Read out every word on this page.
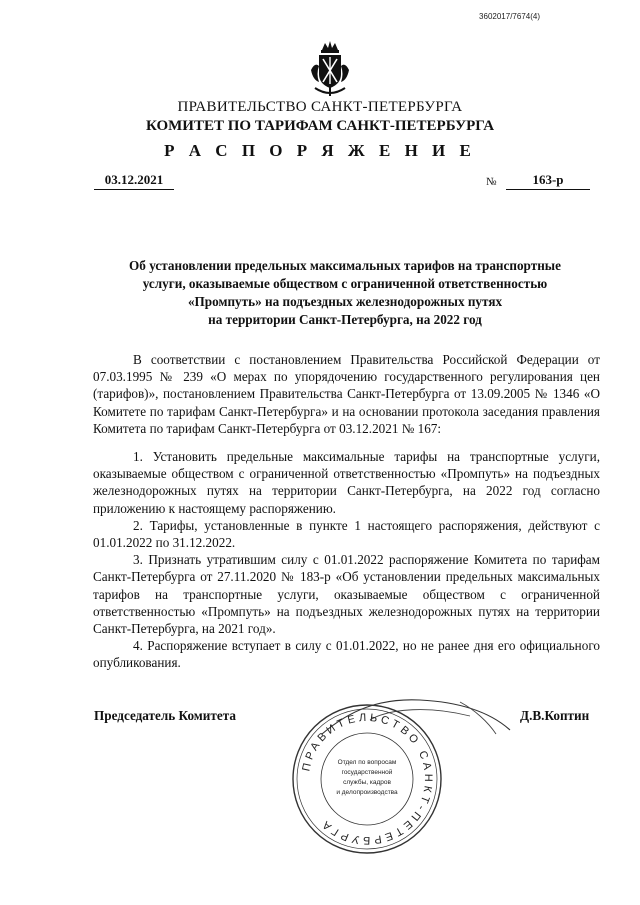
3602017/7674(4)
ПРАВИТЕЛЬСТВО САНКТ-ПЕТЕРБУРГА
КОМИТЕТ ПО ТАРИФАМ САНКТ-ПЕТЕРБУРГА
Р А С П О Р Я Ж Е Н И Е
03.12.2021	№	163-р
Об установлении предельных максимальных тарифов на транспортные
услуги, оказываемые обществом с ограниченной ответственностью
«Промпуть» на подъездных железнодорожных путях
на территории Санкт-Петербурга, на 2022 год

В соответствии с постановлением Правительства Российской Федерации от 07.03.1995 № 239 «О мерах по упорядочению государственного регулирования цен (тарифов)», постановлением Правительства Санкт-Петербурга от 13.09.2005 № 1346 «О Комитете по тарифам Санкт-Петербурга» и на основании протокола заседания правления Комитета по тарифам Санкт-Петербурга от 03.12.2021 № 167:

1. Установить предельные максимальные тарифы на транспортные услуги, оказываемые обществом с ограниченной ответственностью «Промпуть» на подъездных железнодорожных путях на территории Санкт-Петербурга, на 2022 год согласно приложению к настоящему распоряжению.

2. Тарифы, установленные в пункте 1 настоящего распоряжения, действуют с 01.01.2022 по 31.12.2022.

3. Признать утратившим силу с 01.01.2022 распоряжение Комитета по тарифам Санкт-Петербурга от 27.11.2020 № 183-р «Об установлении предельных максимальных тарифов на транспортные услуги, оказываемые обществом с ограниченной ответственностью «Промпуть» на подъездных железнодорожных путях на территории Санкт-Петербурга, на 2021 год».

4. Распоряжение вступает в силу с 01.01.2022, но не ранее дня его официального опубликования.

Председатель Комитета	Д.В.Коптин
ПРАВИТЕЛЬСТВО САНКТ-ПЕТЕРБУРГА
Отдел по вопросам
государственной
службы, кадров
и делопроизводства
